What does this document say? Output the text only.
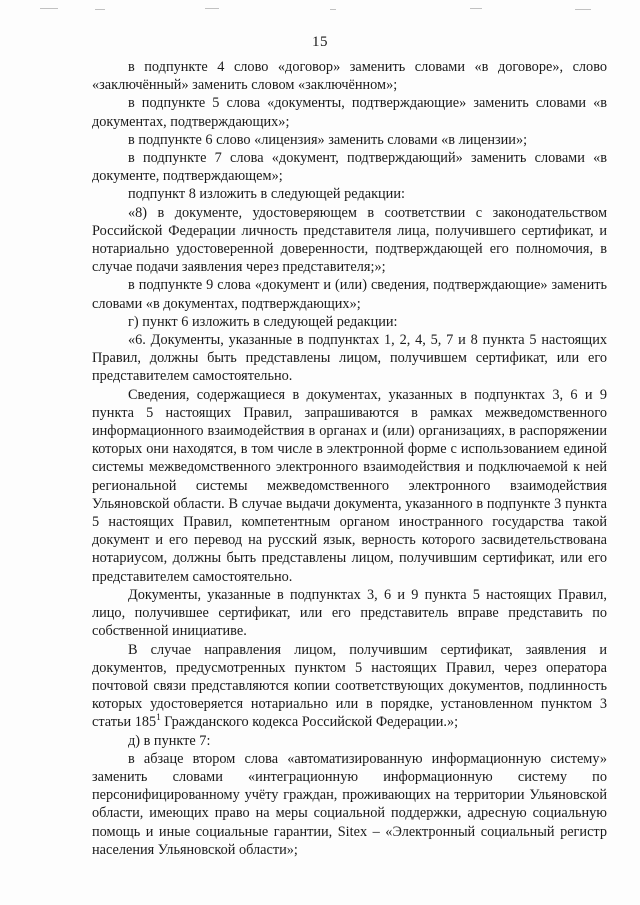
15

в подпункте 4 слово «договор» заменить словами «в договоре», слово «заключённый» заменить словом «заключённом»;

в подпункте 5 слова «документы, подтверждающие» заменить словами «в документах, подтверждающих»;

в подпункте 6 слово «лицензия» заменить словами «в лицензии»;

в подпункте 7 слова «документ, подтверждающий» заменить словами «в документе, подтверждающем»;

подпункт 8 изложить в следующей редакции:

«8) в документе, удостоверяющем в соответствии с законодательством Российской Федерации личность представителя лица, получившего сертификат, и нотариально удостоверенной доверенности, подтверждающей его полномочия, в случае подачи заявления через представителя;»;

в подпункте 9 слова «документ и (или) сведения, подтверждающие» заменить словами «в документах, подтверждающих»;

г) пункт 6 изложить в следующей редакции:

«6. Документы, указанные в подпунктах 1, 2, 4, 5, 7 и 8 пункта 5 настоящих Правил, должны быть представлены лицом, получившем сертификат, или его представителем самостоятельно.

Сведения, содержащиеся в документах, указанных в подпунктах 3, 6 и 9 пункта 5 настоящих Правил, запрашиваются в рамках межведомственного информационного взаимодействия в органах и (или) организациях, в распоряжении которых они находятся, в том числе в электронной форме с использованием единой системы межведомственного электронного взаимодействия и подключаемой к ней региональной системы межведомственного электронного взаимодействия Ульяновской области. В случае выдачи документа, указанного в подпункте 3 пункта 5 настоящих Правил, компетентным органом иностранного государства такой документ и его перевод на русский язык, верность которого засвидетельствована нотариусом, должны быть представлены лицом, получившим сертификат, или его представителем самостоятельно.

Документы, указанные в подпунктах 3, 6 и 9 пункта 5 настоящих Правил, лицо, получившее сертификат, или его представитель вправе представить по собственной инициативе.

В случае направления лицом, получившим сертификат, заявления и документов, предусмотренных пунктом 5 настоящих Правил, через оператора почтовой связи представляются копии соответствующих документов, подлинность которых удостоверяется нотариально или в порядке, установленном пунктом 3 статьи $185^1$ Гражданского кодекса Российской Федерации.»;

д) в пункте 7:

в абзаце втором слова «автоматизированную информационную систему» заменить словами «интеграционную информационную систему по персонифицированному учёту граждан, проживающих на территории Ульяновской области, имеющих право на меры социальной поддержки, адресную социальную помощь и иные социальные гарантии, Sitex – «Электронный социальный регистр населения Ульяновской области»;
